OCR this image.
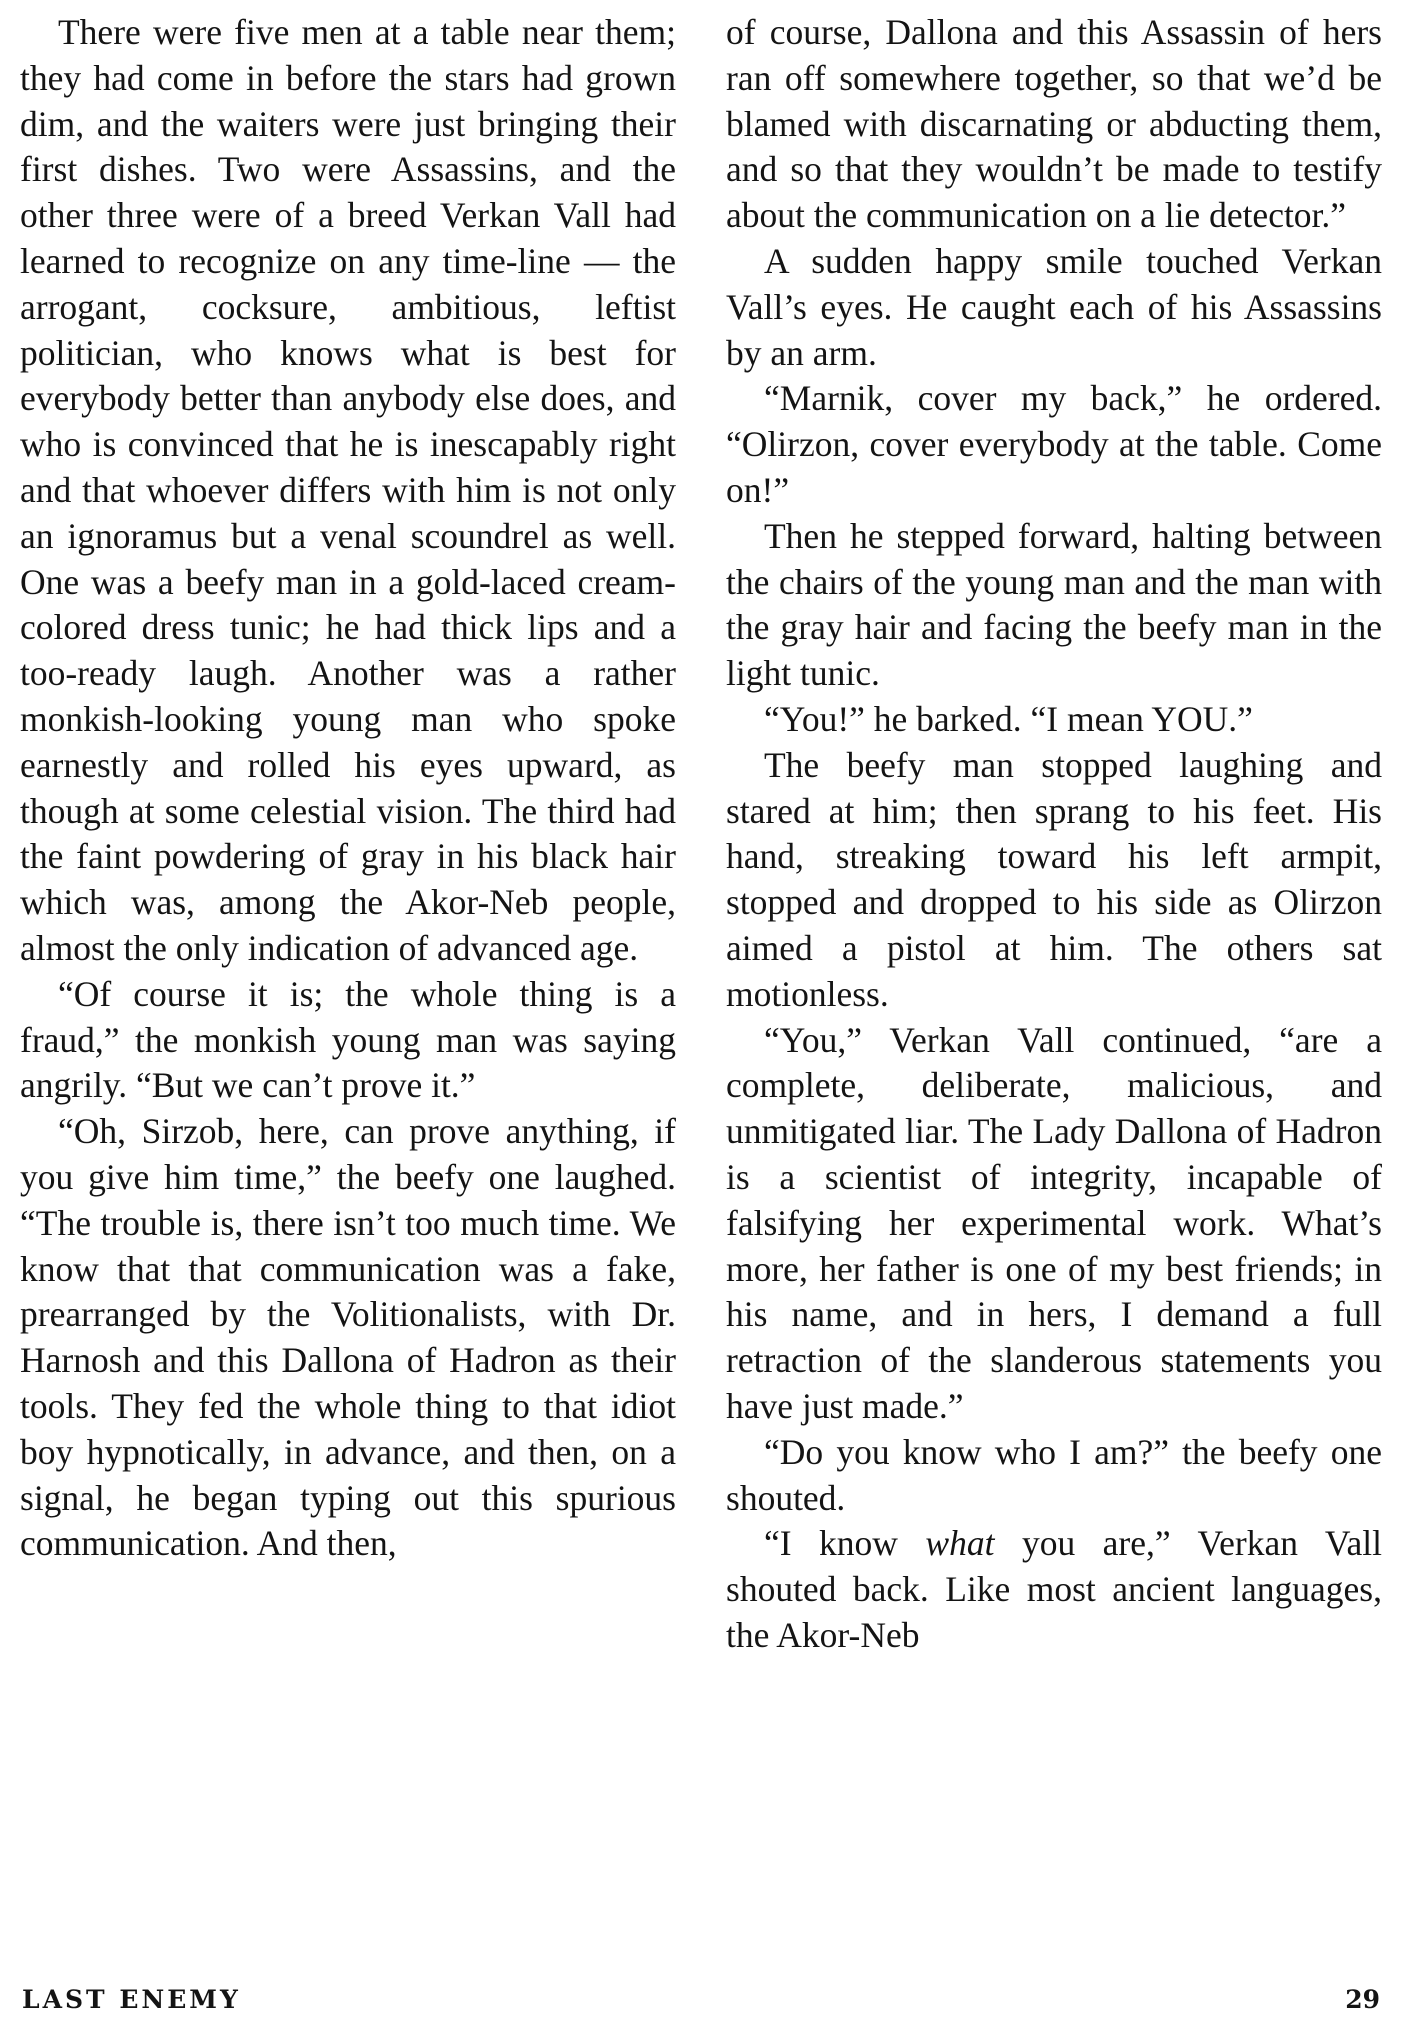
There were five men at a table near them; they had come in before the stars had grown dim, and the waiters were just bringing their first dishes. Two were Assassins, and the other three were of a breed Verkan Vall had learned to recognize on any time-line — the arrogant, cocksure, ambitious, leftist politician, who knows what is best for everybody better than anybody else does, and who is convinced that he is inescapably right and that whoever differs with him is not only an ignoramus but a venal scoundrel as well. One was a beefy man in a gold-laced cream-colored dress tunic; he had thick lips and a too-ready laugh. Another was a rather monkish-looking young man who spoke earnestly and rolled his eyes upward, as though at some celestial vision. The third had the faint powdering of gray in his black hair which was, among the Akor-Neb people, almost the only indication of advanced age.

“Of course it is; the whole thing is a fraud,” the monkish young man was saying angrily. “But we can’t prove it.”

“Oh, Sirzob, here, can prove anything, if you give him time,” the beefy one laughed. “The trouble is, there isn’t too much time. We know that that communication was a fake, prearranged by the Volitionalists, with Dr. Harnosh and this Dallona of Hadron as their tools. They fed the whole thing to that idiot boy hypnotically, in advance, and then, on a signal, he began typing out this spurious communication. And then,

of course, Dallona and this Assassin of hers ran off somewhere together, so that we’d be blamed with discarnating or abducting them, and so that they wouldn’t be made to testify about the communication on a lie detector.”

A sudden happy smile touched Verkan Vall’s eyes. He caught each of his Assassins by an arm.

“Marnik, cover my back,” he ordered. “Olirzon, cover everybody at the table. Come on!”

Then he stepped forward, halting between the chairs of the young man and the man with the gray hair and facing the beefy man in the light tunic.

“You!” he barked. “I mean YOU.”

The beefy man stopped laughing and stared at him; then sprang to his feet. His hand, streaking toward his left armpit, stopped and dropped to his side as Olirzon aimed a pistol at him. The others sat motionless.

“You,” Verkan Vall continued, “are a complete, deliberate, malicious, and unmitigated liar. The Lady Dallona of Hadron is a scientist of integrity, incapable of falsifying her experimental work. What’s more, her father is one of my best friends; in his name, and in hers, I demand a full retraction of the slanderous statements you have just made.”

“Do you know who I am?” the beefy one shouted.

“I know what you are,” Verkan Vall shouted back. Like most ancient languages, the Akor-Neb

LAST ENEMY	29
